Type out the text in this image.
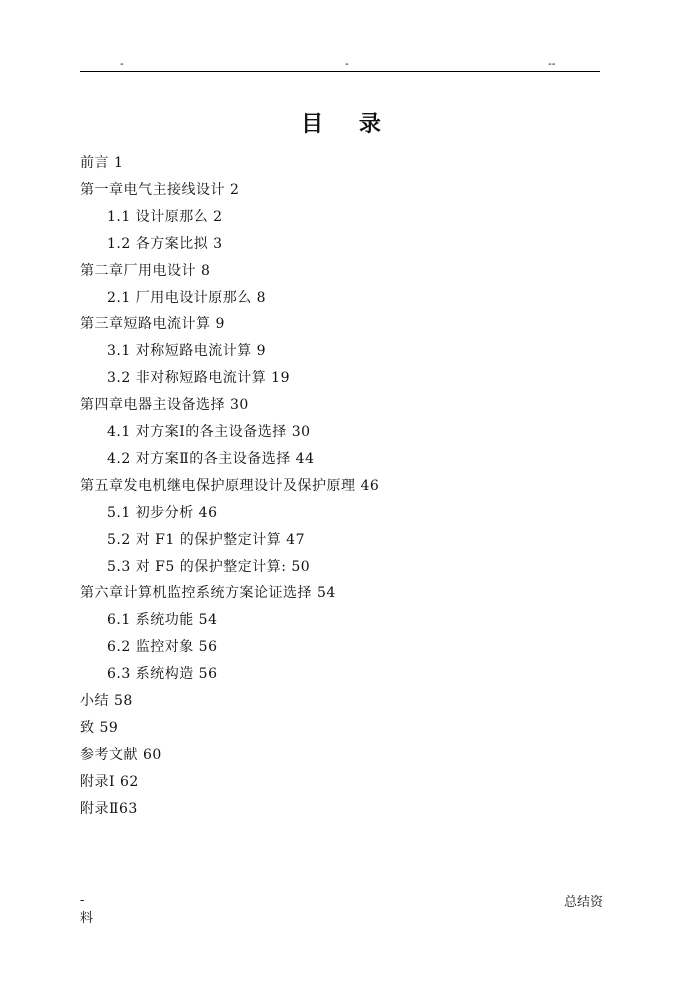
-	-	--
目 录
前言 1
第一章电气主接线设计 2
1.1 设计原那么 2
1.2 各方案比拟 3
第二章厂用电设计 8
2.1 厂用电设计原那么 8
第三章短路电流计算 9
3.1 对称短路电流计算 9
3.2 非对称短路电流计算 19
第四章电器主设备选择 30
4.1 对方案Ⅰ的各主设备选择 30
4.2 对方案Ⅱ的各主设备选择 44
第五章发电机继电保护原理设计及保护原理 46
5.1 初步分析 46
5.2 对 F1 的保护整定计算 47
5.3 对 F5 的保护整定计算: 50
第六章计算机监控系统方案论证选择 54
6.1 系统功能 54
6.2 监控对象 56
6.3 系统构造 56
小结 58
致 59
参考文献 60
附录Ⅰ 62
附录Ⅱ63
-
料
总结资
